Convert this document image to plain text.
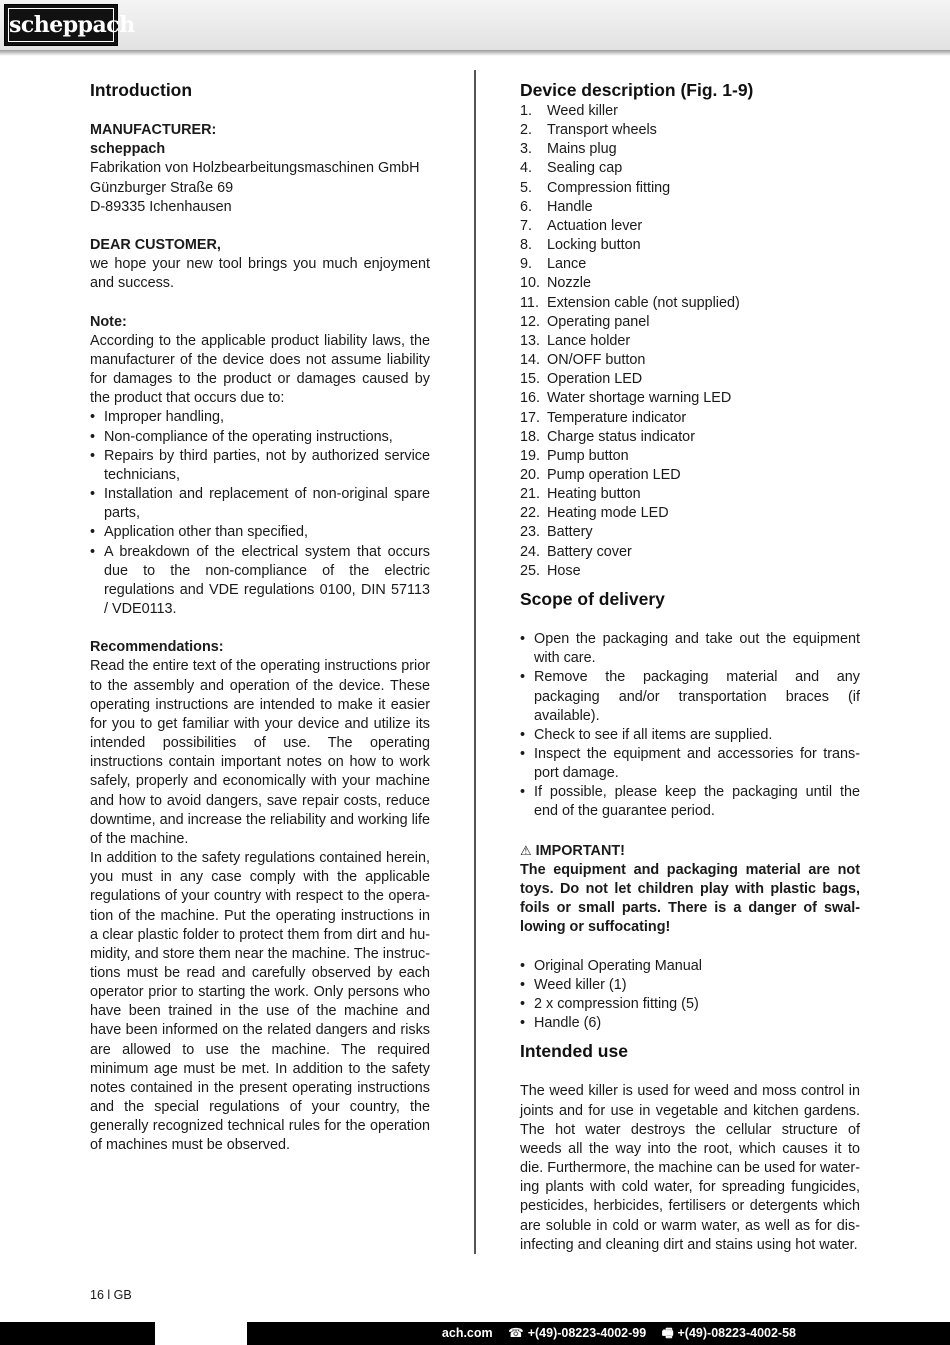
scheppach
Introduction
MANUFACTURER:
scheppach
Fabrikation von Holzbearbeitungsmaschinen GmbH
Günzburger Straße 69
D-89335 Ichenhausen
DEAR CUSTOMER,

we hope your new tool brings you much enjoyment and success.

Note:

According to the applicable product liability laws, the manufacturer of the device does not assume liability for damages to the product or damages caused by the product that occurs due to:

• Improper handling,
• Non-compliance of the operating instructions,
• Repairs by third parties, not by authorized service technicians,
• Installation and replacement of non-original spare parts,
• Application other than specified,
• A breakdown of the electrical system that occurs due to the non-compliance of the electric regulations and VDE regulations 0100, DIN 57113 / VDE0113.
Recommendations:

Read the entire text of the operating instructions prior to the assembly and operation of the device. These operating instructions are intended to make it easier for you to get familiar with your device and utilize its intended possibilities of use. The operating instructions contain important notes on how to work safely, properly and economically with your machine and how to avoid dangers, save repair costs, reduce downtime, and increase the reliability and working life of the machine.

In addition to the safety regulations contained herein, you must in any case comply with the applicable regulations of your country with respect to the operation of the machine. Put the operating instructions in a clear plastic folder to protect them from dirt and humidity, and store them near the machine. The instructions must be read and carefully observed by each operator prior to starting the work. Only persons who have been trained in the use of the machine and have been informed on the related dangers and risks are allowed to use the machine. The required minimum age must be met. In addition to the safety notes contained in the present operating instructions and the special regulations of your country, the generally recognized technical rules for the operation of machines must be observed.

Device description (Fig. 1-9)
1. Weed killer
2. Transport wheels
3. Mains plug
4. Sealing cap
5. Compression fitting
6. Handle
7. Actuation lever
8. Locking button
9. Lance
10. Nozzle
11. Extension cable (not supplied)
12. Operating panel
13. Lance holder
14. ON/OFF button
15. Operation LED
16. Water shortage warning LED
17. Temperature indicator
18. Charge status indicator
19. Pump button
20. Pump operation LED
21. Heating button
22. Heating mode LED
23. Battery
24. Battery cover
25. Hose
Scope of delivery
• Open the packaging and take out the equipment with care.
• Remove the packaging material and any packaging and/or transportation braces (if available).
• Check to see if all items are supplied.
• Inspect the equipment and accessories for transport damage.
• If possible, please keep the packaging until the end of the guarantee period.
⚠ IMPORTANT!

The equipment and packaging material are not toys. Do not let children play with plastic bags, foils or small parts. There is a danger of swallowing or suffocating!

• Original Operating Manual
• Weed killer (1)
• 2 x compression fitting (5)
• Handle (6)
Intended use

The weed killer is used for weed and moss control in joints and for use in vegetable and kitchen gardens. The hot water destroys the cellular structure of weeds all the way into the root, which causes it to die. Furthermore, the machine can be used for watering plants with cold water, for spreading fungicides, pesticides, herbicides, fertilisers or detergents which are soluble in cold or warm water, as well as for disinfecting and cleaning dirt and stains using hot water.

16 l GB
ach.com ☎ +(49)-08223-4002-99 🖷 +(49)-08223-4002-58
